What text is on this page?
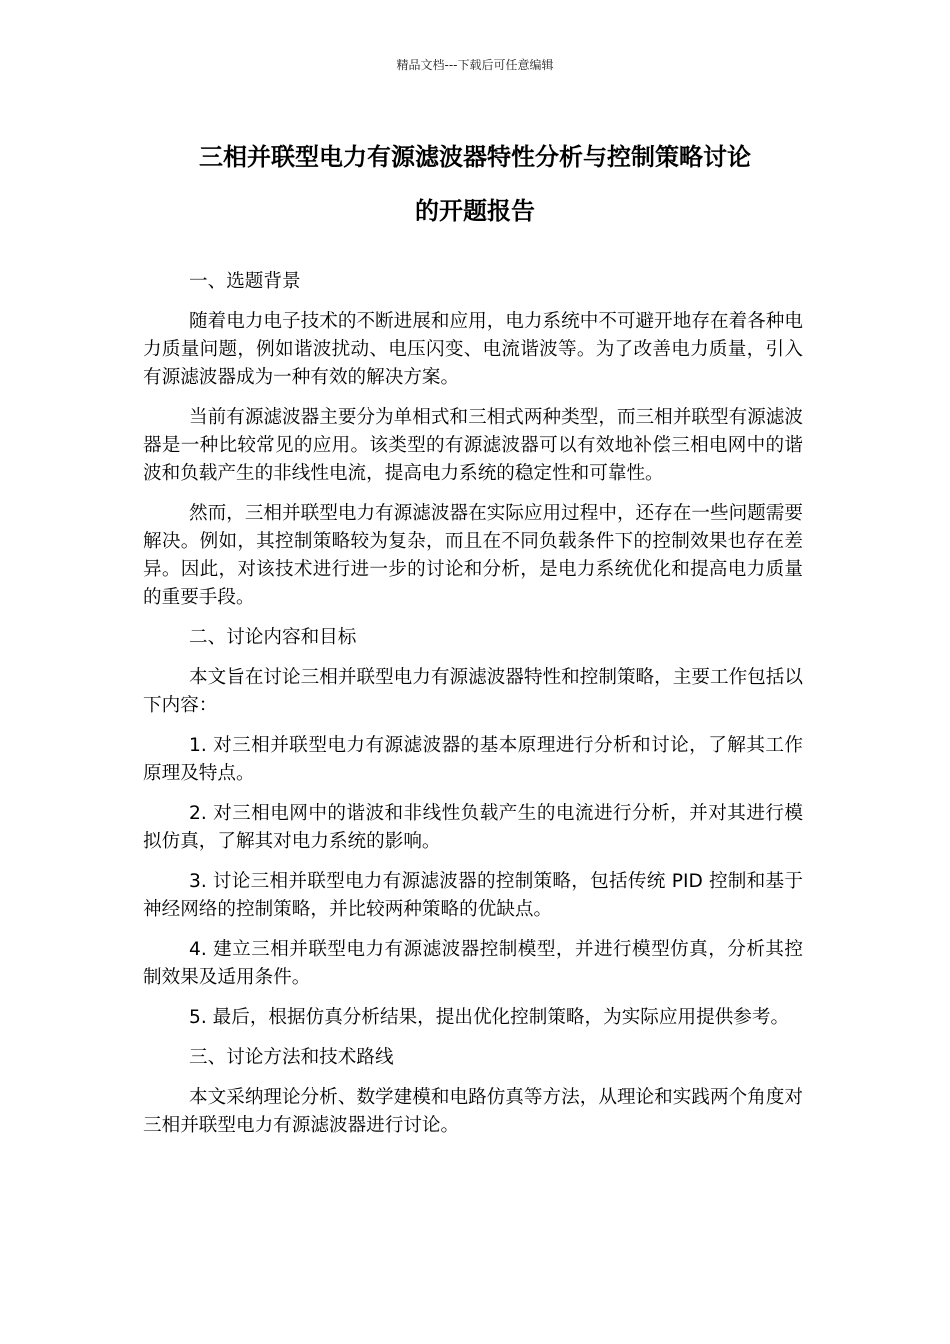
精品文档---下载后可任意编辑
三相并联型电力有源滤波器特性分析与控制策略讨论
的开题报告

一、选题背景

随着电力电子技术的不断进展和应用，电力系统中不可避开地存在着各种电力质量问题，例如谐波扰动、电压闪变、电流谐波等。为了改善电力质量，引入有源滤波器成为一种有效的解决方案。

当前有源滤波器主要分为单相式和三相式两种类型，而三相并联型有源滤波器是一种比较常见的应用。该类型的有源滤波器可以有效地补偿三相电网中的谐波和负载产生的非线性电流，提高电力系统的稳定性和可靠性。

然而，三相并联型电力有源滤波器在实际应用过程中，还存在一些问题需要解决。例如，其控制策略较为复杂，而且在不同负载条件下的控制效果也存在差异。因此，对该技术进行进一步的讨论和分析，是电力系统优化和提高电力质量的重要手段。

二、讨论内容和目标

本文旨在讨论三相并联型电力有源滤波器特性和控制策略，主要工作包括以下内容：

1. 对三相并联型电力有源滤波器的基本原理进行分析和讨论，了解其工作原理及特点。

2. 对三相电网中的谐波和非线性负载产生的电流进行分析，并对其进行模拟仿真，了解其对电力系统的影响。

3. 讨论三相并联型电力有源滤波器的控制策略，包括传统 PID 控制和基于神经网络的控制策略，并比较两种策略的优缺点。

4. 建立三相并联型电力有源滤波器控制模型，并进行模型仿真，分析其控制效果及适用条件。

5. 最后，根据仿真分析结果，提出优化控制策略，为实际应用提供参考。

三、讨论方法和技术路线

本文采纳理论分析、数学建模和电路仿真等方法，从理论和实践两个角度对三相并联型电力有源滤波器进行讨论。
